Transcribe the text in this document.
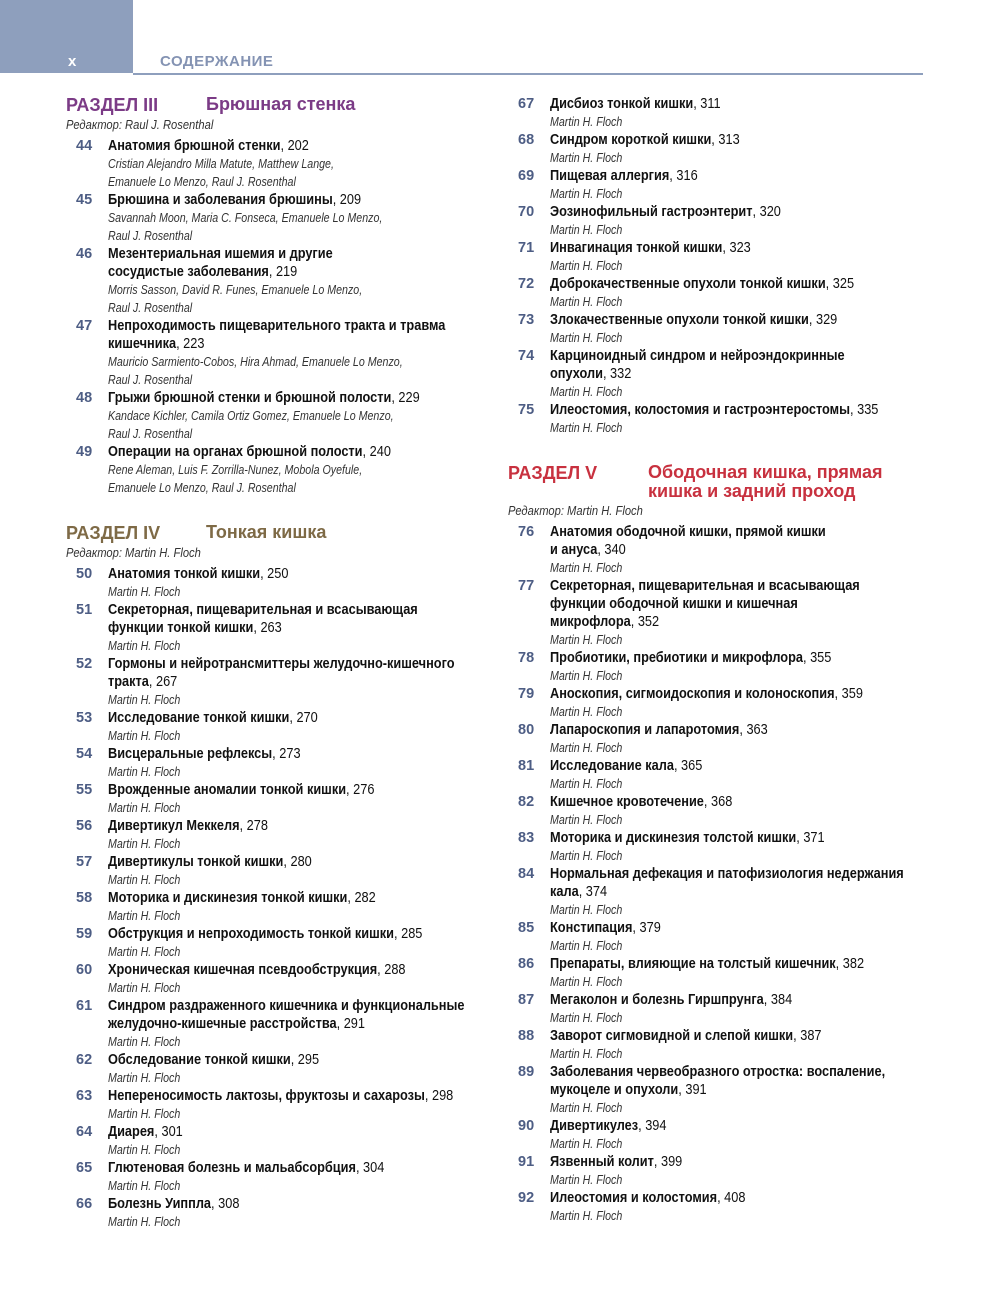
x	СОДЕРЖАНИЕ
РАЗДЕЛ III	Брюшная стенка
Редактор: Raul J. Rosenthal
44	Анатомия брюшной стенки, 202
Cristian Alejandro Milla Matute, Matthew Lange,
Emanuele Lo Menzo, Raul J. Rosenthal
45	Брюшина и заболевания брюшины, 209
Savannah Moon, Maria C. Fonseca, Emanuele Lo Menzo,
Raul J. Rosenthal
46	Мезентериальная ишемия и другие
сосудистые заболевания, 219
Morris Sasson, David R. Funes, Emanuele Lo Menzo,
Raul J. Rosenthal
47	Непроходимость пищеварительного тракта и травма
кишечника, 223
Mauricio Sarmiento-Cobos, Hira Ahmad, Emanuele Lo Menzo,
Raul J. Rosenthal
48	Грыжи брюшной стенки и брюшной полости, 229
Kandace Kichler, Camila Ortiz Gomez, Emanuele Lo Menzo,
Raul J. Rosenthal
49	Операции на органах брюшной полости, 240
Rene Aleman, Luis F. Zorrilla-Nunez, Mobola Oyefule,
Emanuele Lo Menzo, Raul J. Rosenthal
РАЗДЕЛ IV	Тонкая кишка
Редактор: Martin H. Floch
50	Анатомия тонкой кишки, 250
Martin H. Floch
51	Секреторная, пищеварительная и всасывающая
функции тонкой кишки, 263
Martin H. Floch
52	Гормоны и нейротрансмиттеры желудочно-кишечного
тракта, 267
Martin H. Floch
53	Исследование тонкой кишки, 270
Martin H. Floch
54	Висцеральные рефлексы, 273
Martin H. Floch
55	Врожденные аномалии тонкой кишки, 276
Martin H. Floch
56	Дивертикул Меккеля, 278
Martin H. Floch
57	Дивертикулы тонкой кишки, 280
Martin H. Floch
58	Моторика и дискинезия тонкой кишки, 282
Martin H. Floch
59	Обструкция и непроходимость тонкой кишки, 285
Martin H. Floch
60	Хроническая кишечная псевдообструкция, 288
Martin H. Floch
61	Синдром раздраженного кишечника и функциональные
желудочно-кишечные расстройства, 291
Martin H. Floch
62	Обследование тонкой кишки, 295
Martin H. Floch
63	Непереносимость лактозы, фруктозы и сахарозы, 298
Martin H. Floch
64	Диарея, 301
Martin H. Floch
65	Глютеновая болезнь и мальабсорбция, 304
Martin H. Floch
66	Болезнь Уиппла, 308
Martin H. Floch
67	Дисбиоз тонкой кишки, 311
Martin H. Floch
68	Синдром короткой кишки, 313
Martin H. Floch
69	Пищевая аллергия, 316
Martin H. Floch
70	Эозинофильный гастроэнтерит, 320
Martin H. Floch
71	Инвагинация тонкой кишки, 323
Martin H. Floch
72	Доброкачественные опухоли тонкой кишки, 325
Martin H. Floch
73	Злокачественные опухоли тонкой кишки, 329
Martin H. Floch
74	Карциноидный синдром и нейроэндокринные
опухоли, 332
Martin H. Floch
75	Илеостомия, колостомия и гастроэнтеростомы, 335
Martin H. Floch
РАЗДЕЛ V	Ободочная кишка, прямая
кишка и задний проход
Редактор: Martin H. Floch
76	Анатомия ободочной кишки, прямой кишки
и ануса, 340
Martin H. Floch
77	Секреторная, пищеварительная и всасывающая
функции ободочной кишки и кишечная
микрофлора, 352
Martin H. Floch
78	Пробиотики, пребиотики и микрофлора, 355
Martin H. Floch
79	Аноскопия, сигмоидоскопия и колоноскопия, 359
Martin H. Floch
80	Лапароскопия и лапаротомия, 363
Martin H. Floch
81	Исследование кала, 365
Martin H. Floch
82	Кишечное кровотечение, 368
Martin H. Floch
83	Моторика и дискинезия толстой кишки, 371
Martin H. Floch
84	Нормальная дефекация и патофизиология недержания
кала, 374
Martin H. Floch
85	Констипация, 379
Martin H. Floch
86	Препараты, влияющие на толстый кишечник, 382
Martin H. Floch
87	Мегаколон и болезнь Гиршпрунга, 384
Martin H. Floch
88	Заворот сигмовидной и слепой кишки, 387
Martin H. Floch
89	Заболевания червеобразного отростка: воспаление,
мукоцеле и опухоли, 391
Martin H. Floch
90	Дивертикулез, 394
Martin H. Floch
91	Язвенный колит, 399
Martin H. Floch
92	Илеостомия и колостомия, 408
Martin H. Floch
